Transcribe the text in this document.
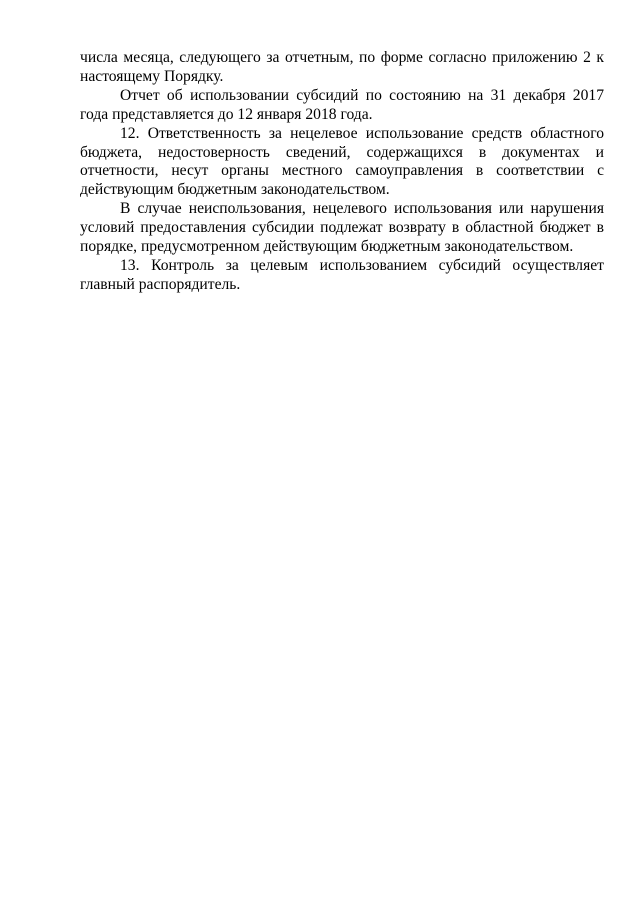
числа месяца, следующего за отчетным, по форме согласно приложению 2 к настоящему Порядку.

Отчет об использовании субсидий по состоянию на 31 декабря 2017 года представляется до 12 января 2018 года.

12. Ответственность за нецелевое использование средств областного бюджета, недостоверность сведений, содержащихся в документах и отчетности, несут органы местного самоуправления в соответствии с действующим бюджетным законодательством.

В случае неиспользования, нецелевого использования или нарушения условий предоставления субсидии подлежат возврату в областной бюджет в порядке, предусмотренном действующим бюджетным законодательством.

13. Контроль за целевым использованием субсидий осуществляет главный распорядитель.
